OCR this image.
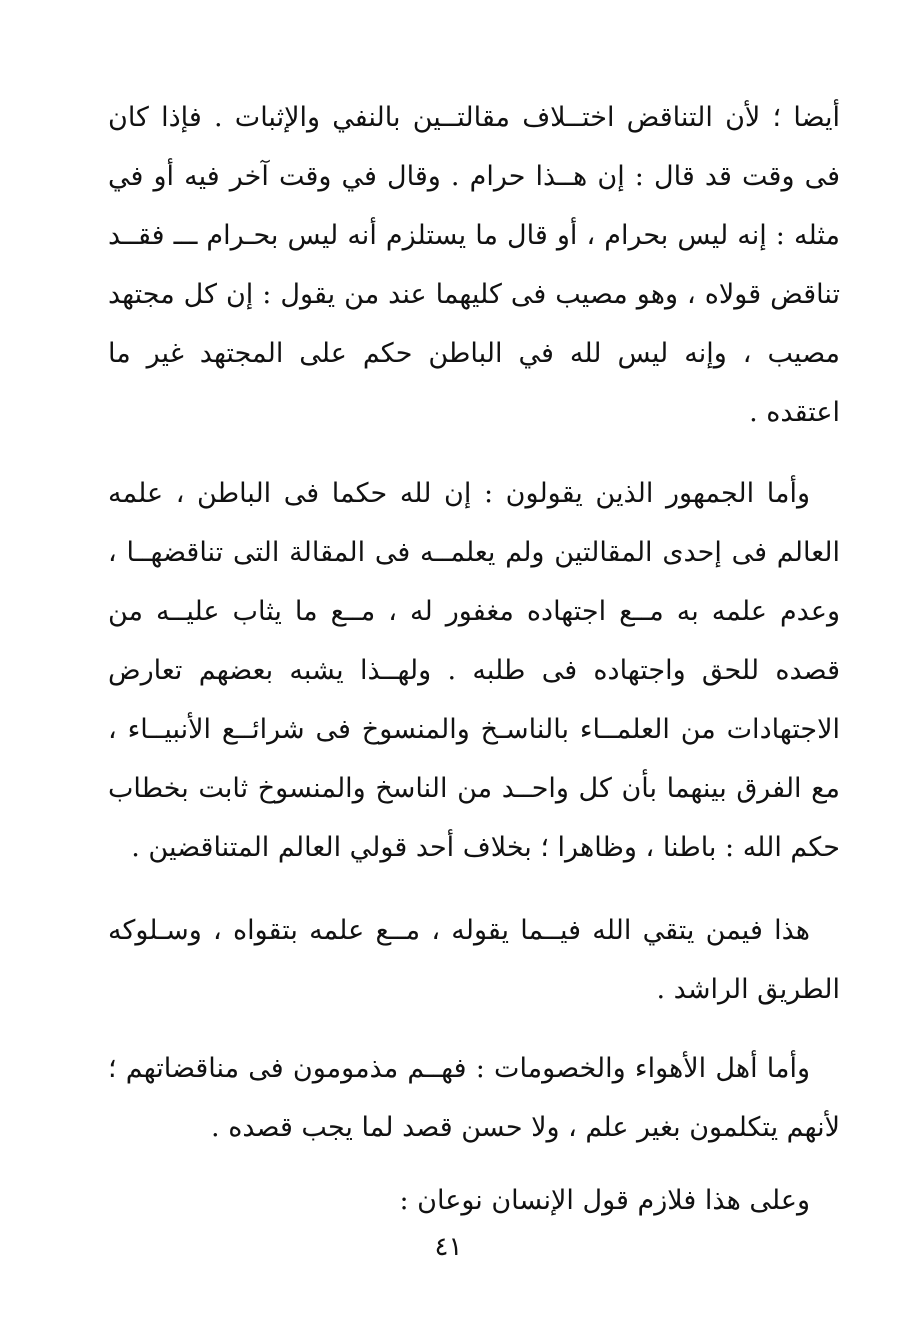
أيضا ؛ لأن التناقض اختــلاف مقالتــين بالنفي والإثبات . فإذا كان فى وقت قد قال : إن هــذا حرام . وقال في وقت آخر فيه أو في مثله : إنه ليس بحرام ، أو قال ما يستلزم أنه ليس بحـرام ـــ فقــد تناقض قولاه ، وهو مصيب فى كليهما عند من يقول : إن كل مجتهد مصيب ، وإنه ليس لله في الباطن حكم على المجتهد غير ما اعتقده .

وأما الجمهور الذين يقولون : إن لله حكما فى الباطن ، علمه العالم فى إحدى المقالتين ولم يعلمــه فى المقالة التى تناقضهــا ، وعدم علمه به مــع اجتهاده مغفور له ، مــع ما يثاب عليــه من قصده للحق واجتهاده فى طلبه . ولهــذا يشبه بعضهم تعارض الاجتهادات من العلمــاء بالناسـخ والمنسوخ فى شرائــع الأنبيــاء ، مع الفرق بينهما بأن كل واحــد من الناسخ والمنسوخ ثابت بخطاب حكم الله : باطنا ، وظاهرا ؛ بخلاف أحد قولي العالم المتناقضين .

هذا فيمن يتقي الله فيــما يقوله ، مــع علمه بتقواه ، وسـلوكه الطريق الراشد .

وأما أهل الأهواء والخصومات : فهــم مذمومون فى مناقضاتهم ؛ لأنهم يتكلمون بغير علم ، ولا حسن قصد لما يجب قصده .

وعلى هذا فلازم قول الإنسان نوعان :

٤١
